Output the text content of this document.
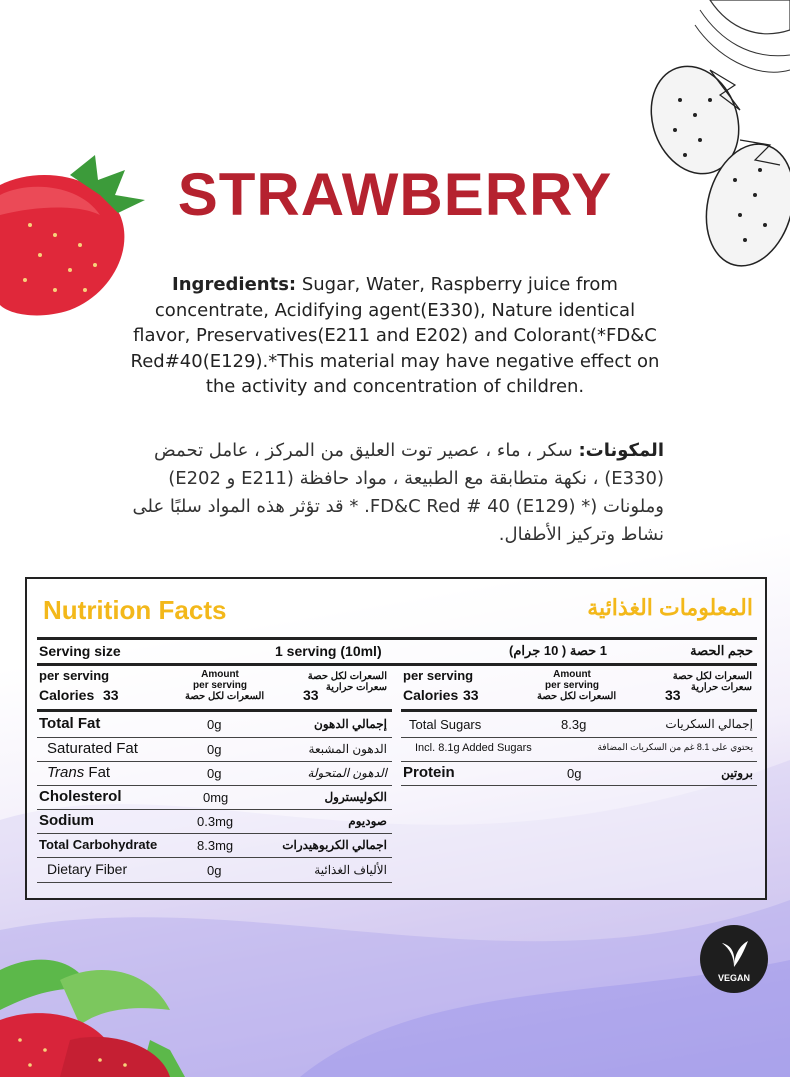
STRAWBERRY
Ingredients: Sugar, Water, Raspberry juice from concentrate, Acidifying agent(E330), Nature identical flavor, Preservatives(E211 and E202) and Colorant(*FD&C Red#40(E129).*This material may have negative effect on the activity and concentration of children.
المكونات: سكر ، ماء ، عصير توت العليق من المركز ، عامل تحمض (E330) ، نكهة متطابقة مع الطبيعة ، مواد حافظة (E211 و E202) وملونات (* FD&C Red # 40 (E129). * قد تؤثر هذه المواد سلبًا على نشاط وتركيز الأطفال.
Nutrition Facts	المعلومات الغذائية
Serving size	1 serving (10ml)	1 حصة ( 10 جرام)	حجم الحصة
per serving
Calories 33
Amount
per serving
السعرات لكل حصة
السعرات لكل حصة
سعرات حرارية
33
per serving
Calories 33
Amount
per serving
السعرات لكل حصة
السعرات لكل حصة
سعرات حرارية
33
Total Fat	0g	إجمالي الدهون
Saturated Fat	0g	الدهون المشبعة
Trans Fat	0g	الدهون المتحولة
Cholesterol	0mg	الكوليسترول
Sodium	0.3mg	صوديوم
Total Carbohydrate	8.3mg	اجمالي الكربوهيدرات
Dietary Fiber	0g	الألياف الغذائية
Total Sugars	8.3g	إجمالي السكريات
Incl. 8.1g Added Sugars	يحتوي على 8.1 غم من السكريات المضافة
Protein	0g	بروتين
VEGAN
